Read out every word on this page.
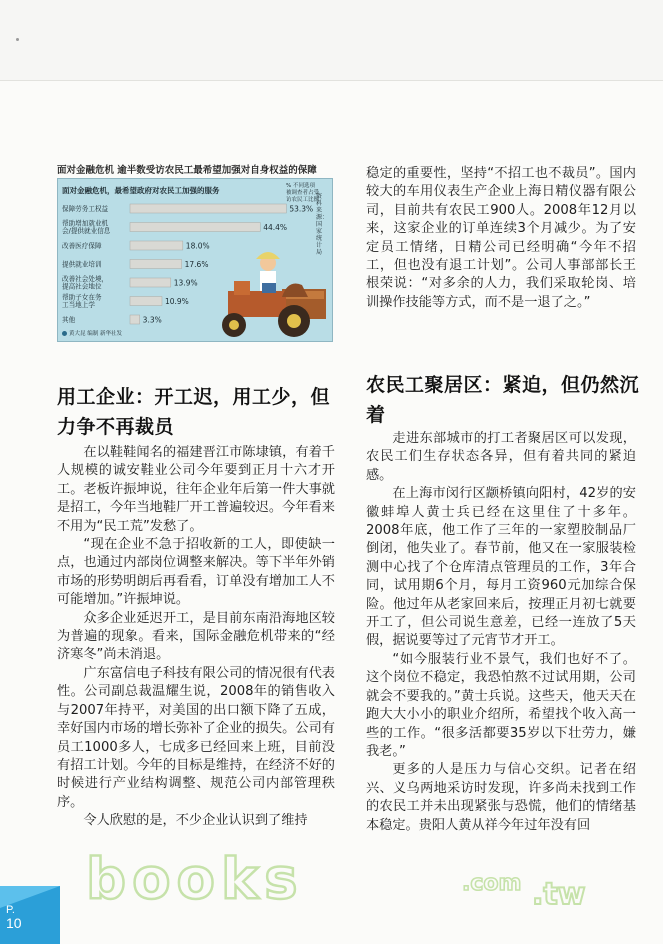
面对金融危机 逾半数受访农民工最希望加强对自身权益的保障
保障劳务工权益	53.3%
帮助增加就业机会/提供就业信息	44.4%
改善医疗保障	18.0%
提供就业培训	17.6%
改善社会处境，提高社会地位	13.9%
帮助子女在务工当地上学	10.9%
其他	3.3%
面对金融危机，最希望政府对农民工加强的服务	% 不同选项被调查者占受访农民工比例
资料来源：国家统计局
黄大昆 编制 新华社发
用工企业：开工迟，用工少，但力争不再裁员

在以鞋鞋闻名的福建晋江市陈埭镇，有着千人规模的诚安鞋业公司今年要到正月十六才开工。老板许振坤说，往年企业年后第一件大事就是招工，今年当地鞋厂开工普遍较迟。今年看来不用为“民工荒”发愁了。

“现在企业不急于招收新的工人，即使缺一点，也通过内部岗位调整来解决。等下半年外销市场的形势明朗后再看看，订单没有增加工人不可能增加。”许振坤说。

众多企业延迟开工，是目前东南沿海地区较为普遍的现象。看来，国际金融危机带来的“经济寒冬”尚未消退。

广东富信电子科技有限公司的情况很有代表性。公司副总裁温耀生说，2008年的销售收入与2007年持平，对美国的出口额下降了五成，幸好国内市场的增长弥补了企业的损失。公司有员工1000多人，七成多已经回来上班，目前没有招工计划。今年的目标是维持，在经济不好的时候进行产业结构调整、规范公司内部管理秩序。

令人欣慰的是，不少企业认识到了维持

稳定的重要性，坚持“不招工也不裁员”。国内较大的车用仪表生产企业上海日精仪器有限公司，目前共有农民工900人。2008年12月以来，这家企业的订单连续3个月减少。为了安定员工情绪，日精公司已经明确“今年不招工，但也没有退工计划”。公司人事部部长王根荣说：“对多余的人力，我们采取轮岗、培训操作技能等方式，而不是一退了之。”

农民工聚居区：紧迫，但仍然沉着

走进东部城市的打工者聚居区可以发现，农民工们生存状态各异，但有着共同的紧迫感。

在上海市闵行区颛桥镇向阳村，42岁的安徽蚌埠人黄士兵已经在这里住了十多年。2008年底，他工作了三年的一家塑胶制品厂倒闭，他失业了。春节前，他又在一家服装检测中心找了个仓库清点管理员的工作，3年合同，试用期6个月，每月工资960元加综合保险。他过年从老家回来后，按理正月初七就要开工了，但公司说生意差，已经一连放了5天假，据说要等过了元宵节才开工。

“如今服装行业不景气，我们也好不了。这个岗位不稳定，我恐怕熬不过试用期，公司就会不要我的。”黄士兵说。这些天，他天天在跑大大小小的职业介绍所，希望找个收入高一些的工作。“很多活都要35岁以下壮劳力，嫌我老。”

更多的人是压力与信心交织。记者在绍兴、义乌两地采访时发现，许多尚未找到工作的农民工并未出现紧张与恐慌，他们的情绪基本稳定。贵阳人黄从祥今年过年没有回

P.
10
books	.com .tw
